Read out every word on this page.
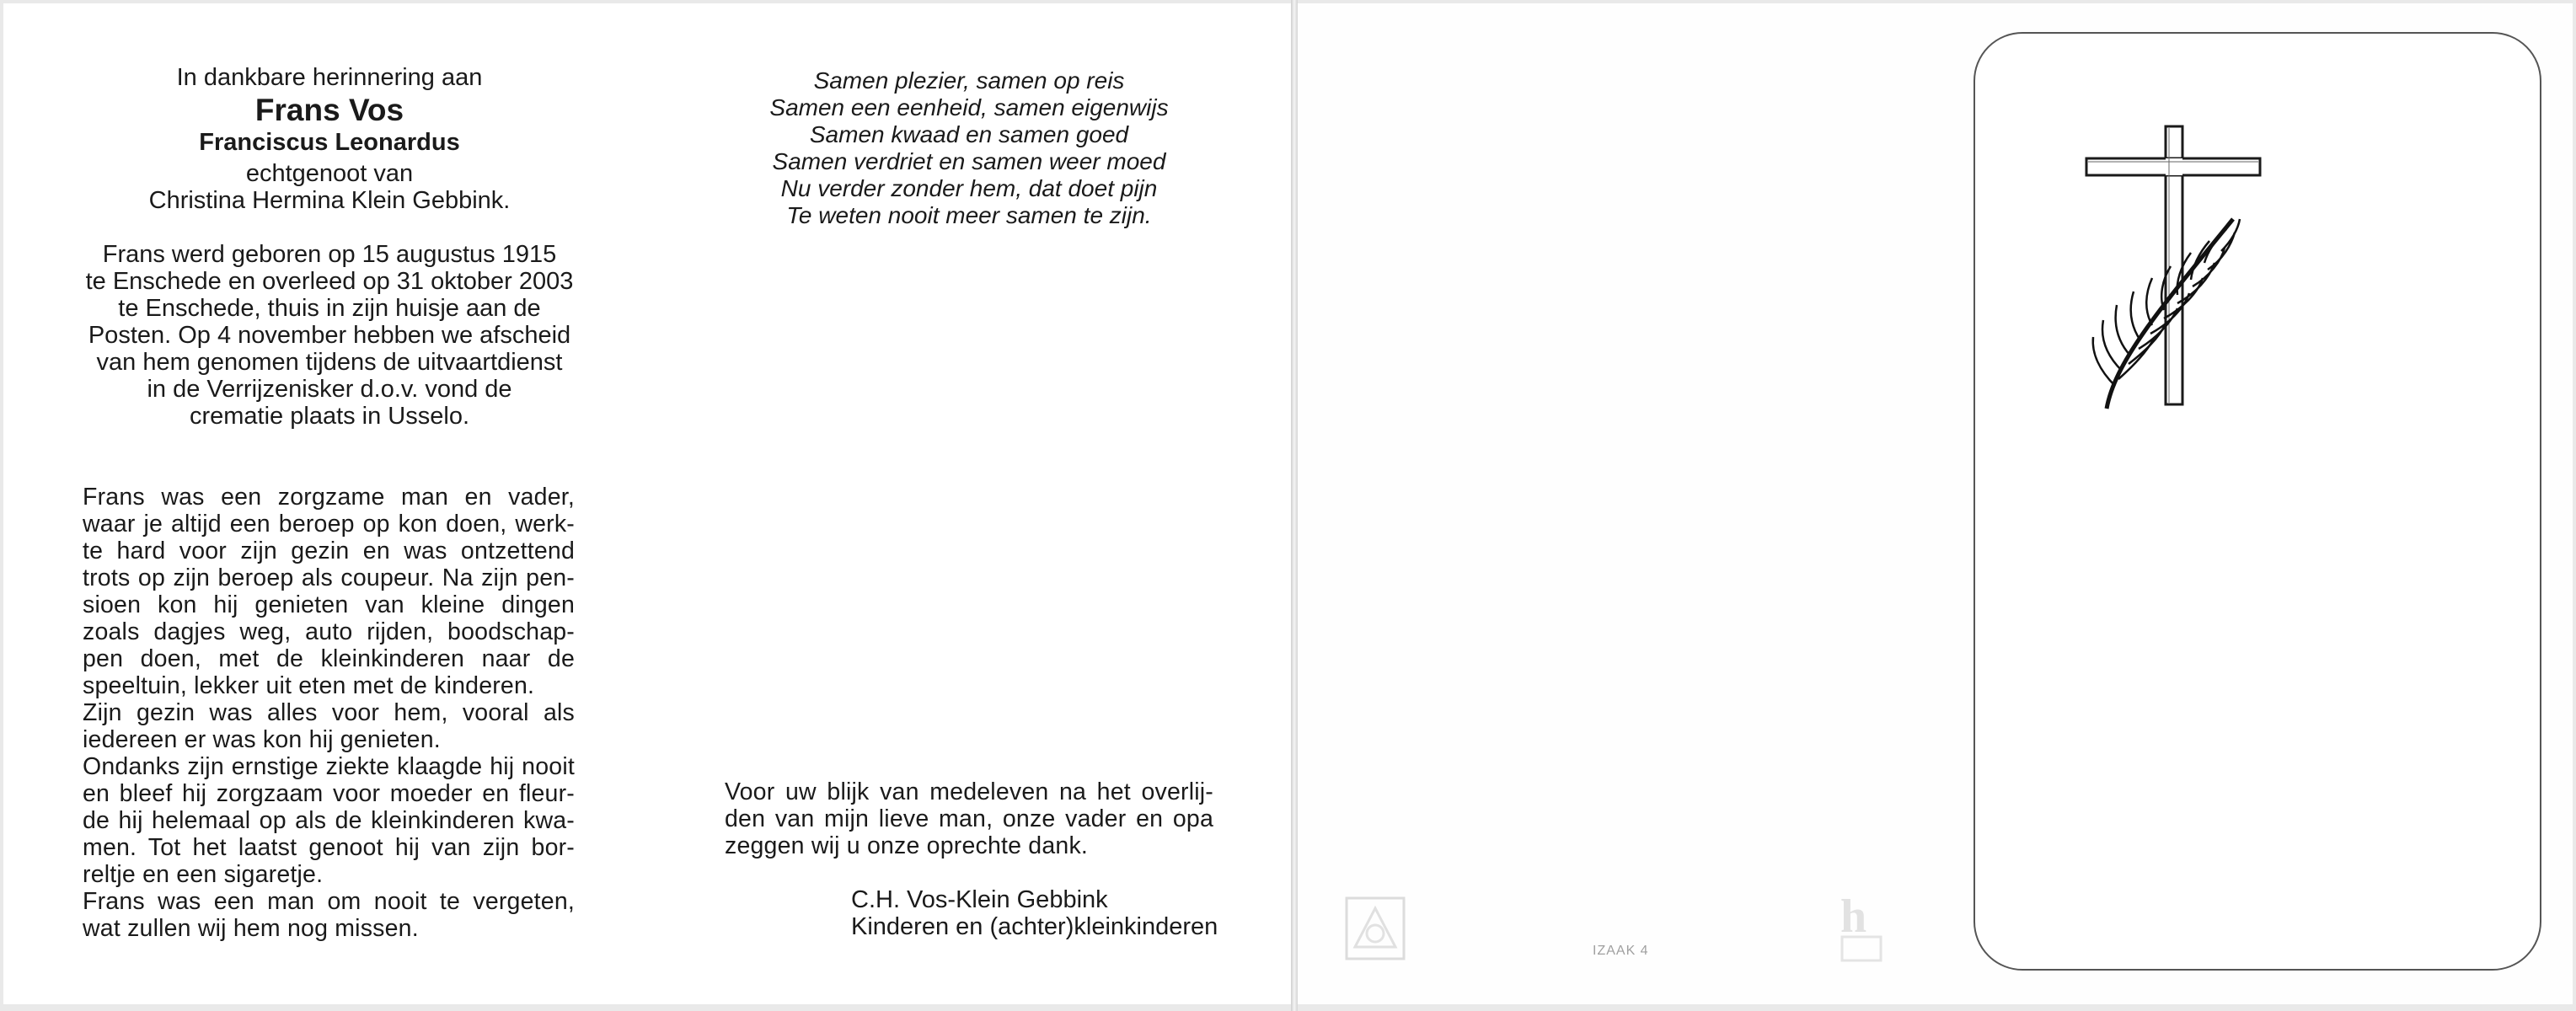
In dankbare herinnering aan
Frans Vos
Franciscus Leonardus
echtgenoot van
Christina Hermina Klein Gebbink.
Frans werd geboren op 15 augustus 1915
te Enschede en overleed op 31 oktober 2003
te Enschede, thuis in zijn huisje aan de
Posten. Op 4 november hebben we afscheid
van hem genomen tijdens de uitvaartdienst
in de Verrijzenisker d.o.v. vond de
crematie plaats in Usselo.
Frans was een zorgzame man en vader,
waar je altijd een beroep op kon doen, werk-
te hard voor zijn gezin en was ontzettend
trots op zijn beroep als coupeur. Na zijn pen-
sioen kon hij genieten van kleine dingen
zoals dagjes weg, auto rijden, boodschap-
pen doen, met de kleinkinderen naar de
speeltuin, lekker uit eten met de kinderen.
Zijn gezin was alles voor hem, vooral als
iedereen er was kon hij genieten.
Ondanks zijn ernstige ziekte klaagde hij nooit
en bleef hij zorgzaam voor moeder en fleur-
de hij helemaal op als de kleinkinderen kwa-
men. Tot het laatst genoot hij van zijn bor-
reltje en een sigaretje.
Frans was een man om nooit te vergeten,
wat zullen wij hem nog missen.
Samen plezier, samen op reis
Samen een eenheid, samen eigenwijs
Samen kwaad en samen goed
Samen verdriet en samen weer moed
Nu verder zonder hem, dat doet pijn
Te weten nooit meer samen te zijn.
Voor uw blijk van medeleven na het overlij-
den van mijn lieve man, onze vader en opa
zeggen wij u onze oprechte dank.
C.H. Vos-Klein Gebbink
Kinderen en (achter)kleinkinderen	h
IZAAK 4
